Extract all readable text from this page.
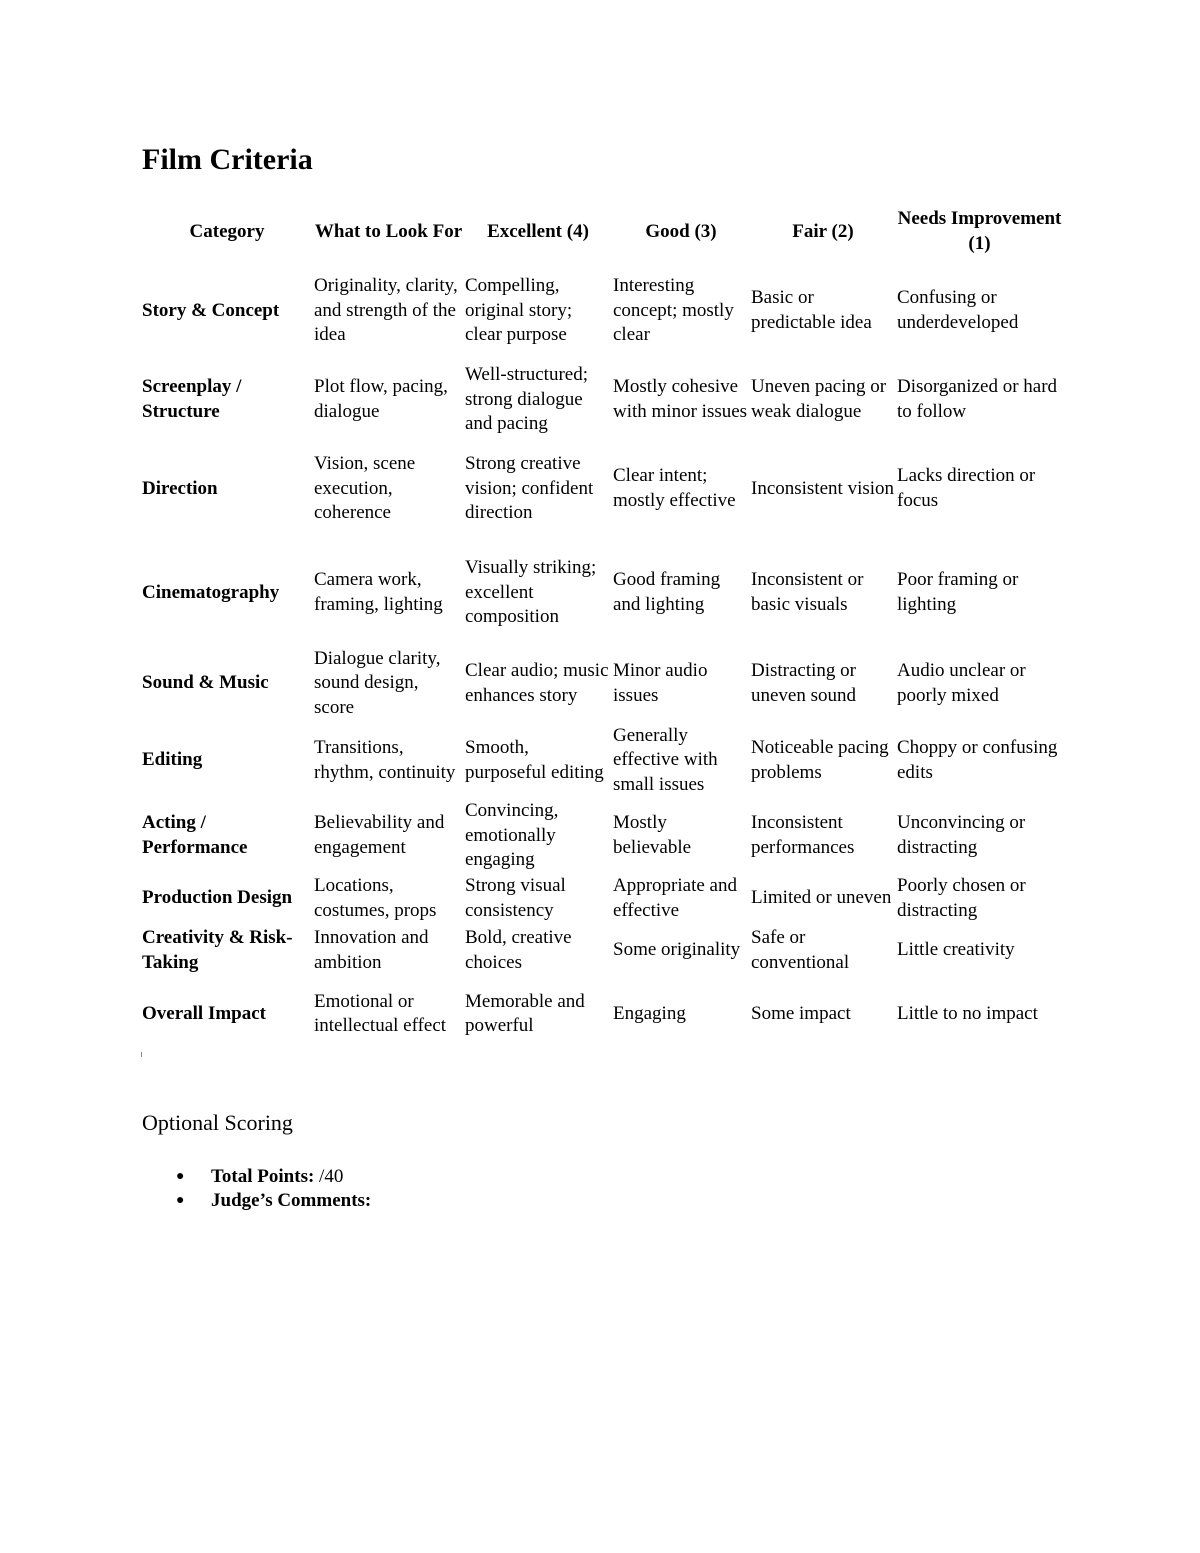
Film Criteria
Category	What to Look For	Excellent (4)	Good (3)	Fair (2)	Needs Improvement (1)
Story & Concept	Originality, clarity, and strength of the idea	Compelling, original story; clear purpose	Interesting concept; mostly clear	Basic or predictable idea	Confusing or underdeveloped
Screenplay / Structure	Plot flow, pacing, dialogue	Well-structured; strong dialogue and pacing	Mostly cohesive with minor issues	Uneven pacing or weak dialogue	Disorganized or hard to follow
Direction	Vision, scene execution, coherence	Strong creative vision; confident direction	Clear intent; mostly effective	Inconsistent vision	Lacks direction or focus
Cinematography	Camera work, framing, lighting	Visually striking; excellent composition	Good framing and lighting	Inconsistent or basic visuals	Poor framing or lighting
Sound & Music	Dialogue clarity, sound design, score	Clear audio; music enhances story	Minor audio issues	Distracting or uneven sound	Audio unclear or poorly mixed
Editing	Transitions, rhythm, continuity	Smooth, purposeful editing	Generally effective with small issues	Noticeable pacing problems	Choppy or confusing edits
Acting / Performance	Believability and engagement	Convincing, emotionally engaging	Mostly believable	Inconsistent performances	Unconvincing or distracting
Production Design	Locations, costumes, props	Strong visual consistency	Appropriate and effective	Limited or uneven	Poorly chosen or distracting
Creativity & Risk-Taking	Innovation and ambition	Bold, creative choices	Some originality	Safe or conventional	Little creativity
Overall Impact	Emotional or intellectual effect	Memorable and powerful	Engaging	Some impact	Little to no impact
Optional Scoring
● Total Points: /40
● Judge’s Comments:
